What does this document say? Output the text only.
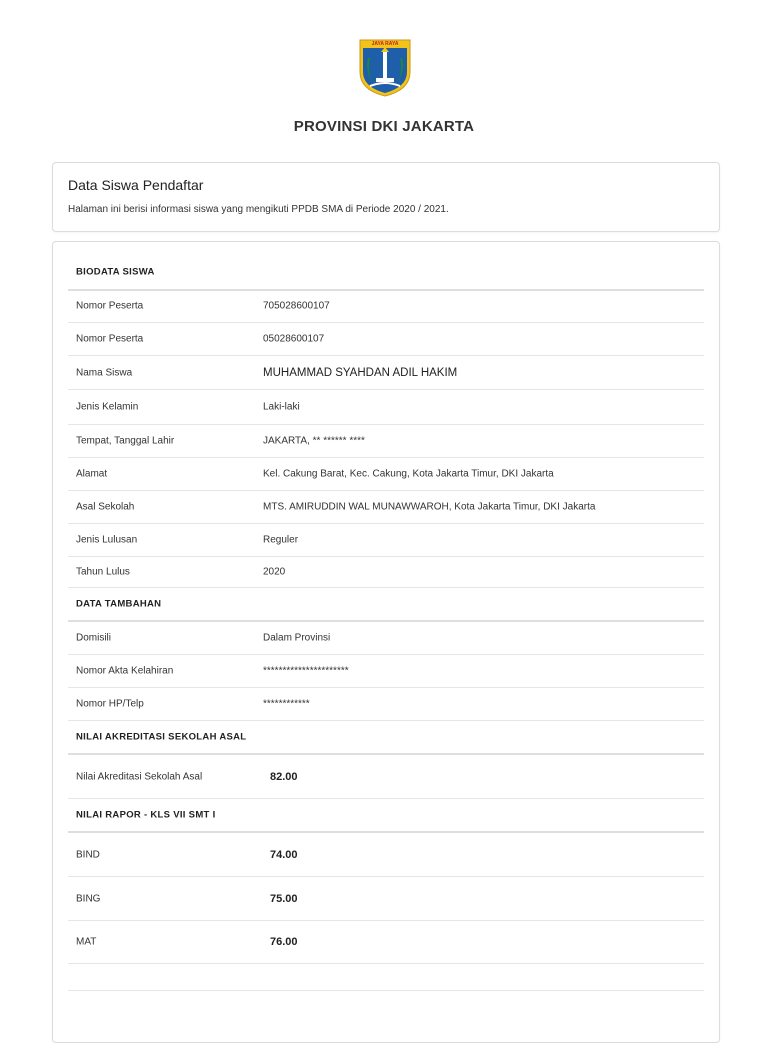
JAYA RAYA
PROVINSI DKI JAKARTA
Data Siswa Pendaftar
Halaman ini berisi informasi siswa yang mengikuti PPDB SMA di Periode 2020 / 2021.
BIODATA SISWA
Nomor Peserta	705028600107
Nomor Peserta	05028600107
Nama Siswa	MUHAMMAD SYAHDAN ADIL HAKIM
Jenis Kelamin	Laki-laki
Tempat, Tanggal Lahir	JAKARTA, ** ****** ****
Alamat	Kel. Cakung Barat, Kec. Cakung, Kota Jakarta Timur, DKI Jakarta
Asal Sekolah	MTS. AMIRUDDIN WAL MUNAWWAROH, Kota Jakarta Timur, DKI Jakarta
Jenis Lulusan	Reguler
Tahun Lulus	2020
DATA TAMBAHAN
Domisili	Dalam Provinsi
Nomor Akta Kelahiran	**********************
Nomor HP/Telp	************
NILAI AKREDITASI SEKOLAH ASAL
Nilai Akreditasi Sekolah Asal	82.00
NILAI RAPOR - KLS VII SMT I
BIND	74.00
BING	75.00
MAT	76.00
